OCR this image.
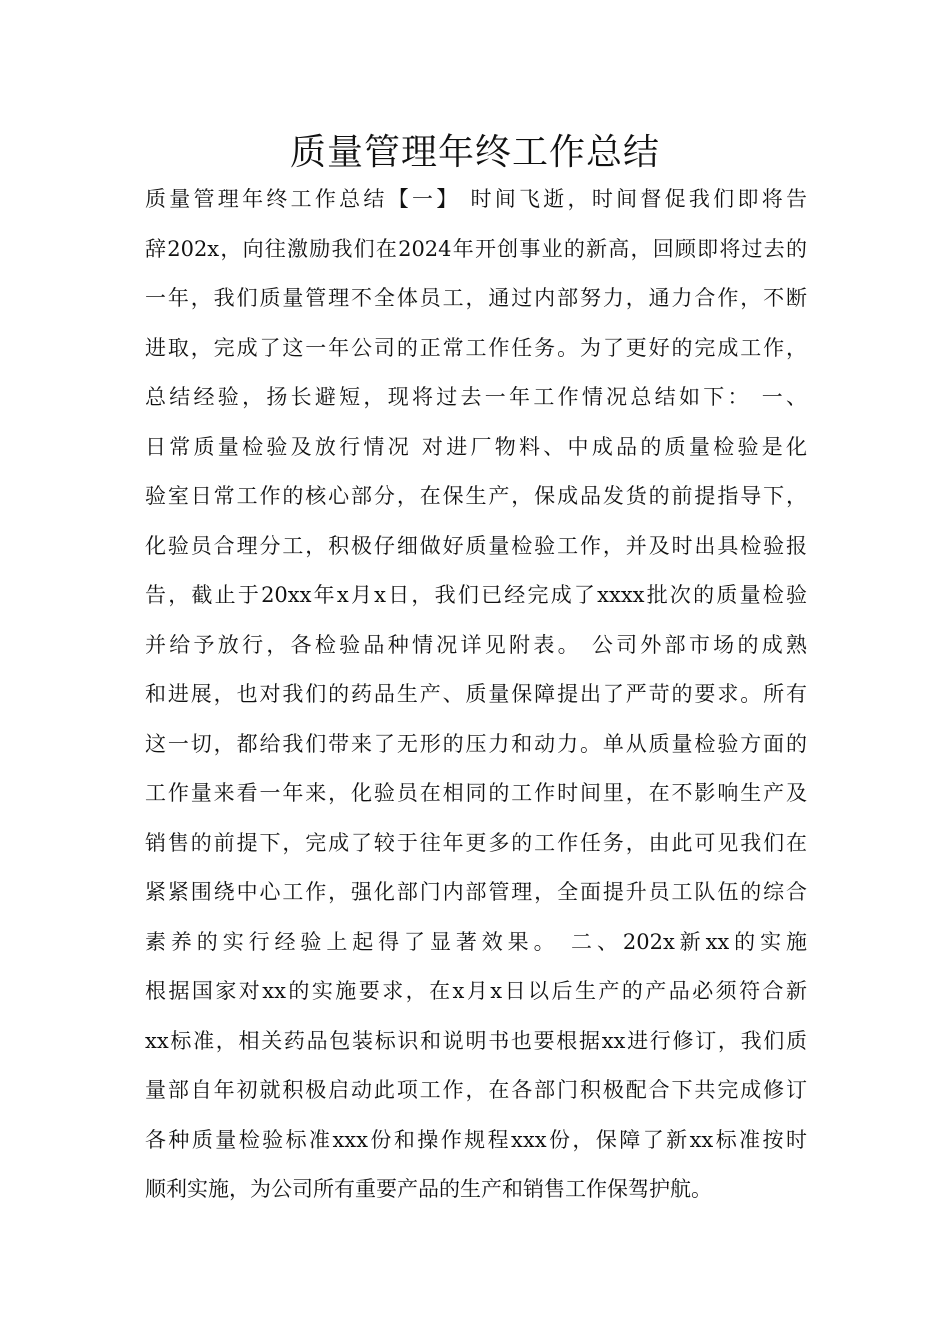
质量管理年终工作总结
质量管理年终工作总结【一】 时间飞逝，时间督促我们即将告
辞202x，向往激励我们在2024年开创事业的新高，回顾即将过去的
一年，我们质量管理不全体员工，通过内部努力，通力合作，不断
进取，完成了这一年公司的正常工作任务。为了更好的完成工作，
总结经验，扬长避短，现将过去一年工作情况总结如下： 一、
日常质量检验及放行情况 对进厂物料、中成品的质量检验是化
验室日常工作的核心部分，在保生产，保成品发货的前提指导下，
化验员合理分工，积极仔细做好质量检验工作，并及时出具检验报
告，截止于20xx年x月x日，我们已经完成了xxxx批次的质量检验
并给予放行，各检验品种情况详见附表。 公司外部市场的成熟
和进展，也对我们的药品生产、质量保障提出了严苛的要求。所有
这一切，都给我们带来了无形的压力和动力。单从质量检验方面的
工作量来看一年来，化验员在相同的工作时间里，在不影响生产及
销售的前提下，完成了较于往年更多的工作任务，由此可见我们在
紧紧围绕中心工作，强化部门内部管理，全面提升员工队伍的综合
素养的实行经验上起得了显著效果。 二、202x新xx的实施
根据国家对xx的实施要求，在x月x日以后生产的产品必须符合新
xx标准，相关药品包装标识和说明书也要根据xx进行修订，我们质
量部自年初就积极启动此项工作，在各部门积极配合下共完成修订
各种质量检验标准xxx份和操作规程xxx份，保障了新xx标准按时
顺利实施，为公司所有重要产品的生产和销售工作保驾护航。
